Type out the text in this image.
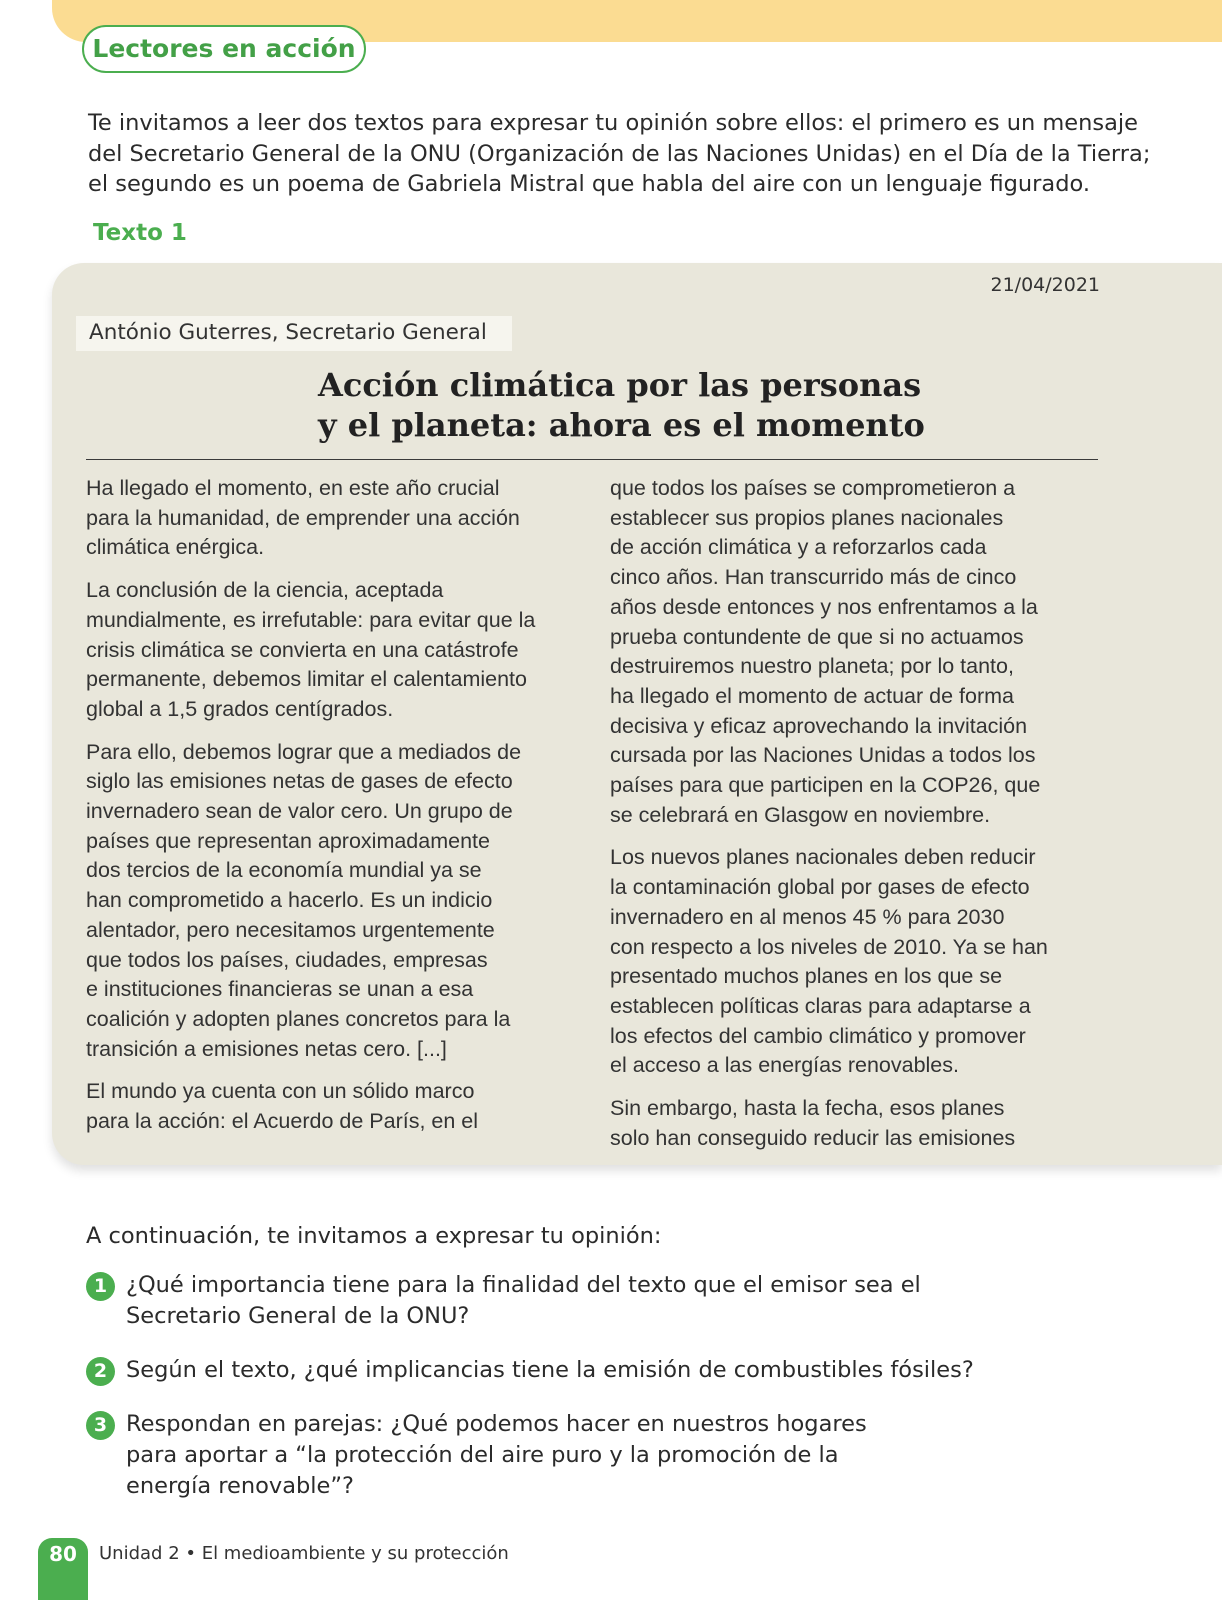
Lectores en acción

Te invitamos a leer dos textos para expresar tu opinión sobre ellos: el primero es un mensaje
del Secretario General de la ONU (Organización de las Naciones Unidas) en el Día de la Tierra;
el segundo es un poema de Gabriela Mistral que habla del aire con un lenguaje figurado.

Texto 1
21/04/2021
António Guterres, Secretario General
Acción climática por las personas
y el planeta: ahora es el momento

Ha llegado el momento, en este año crucial
para la humanidad, de emprender una acción
climática enérgica.

La conclusión de la ciencia, aceptada
mundialmente, es irrefutable: para evitar que la
crisis climática se convierta en una catástrofe
permanente, debemos limitar el calentamiento
global a 1,5 grados centígrados.

Para ello, debemos lograr que a mediados de
siglo las emisiones netas de gases de efecto
invernadero sean de valor cero. Un grupo de
países que representan aproximadamente
dos tercios de la economía mundial ya se
han comprometido a hacerlo. Es un indicio
alentador, pero necesitamos urgentemente
que todos los países, ciudades, empresas
e instituciones financieras se unan a esa
coalición y adopten planes concretos para la
transición a emisiones netas cero. [...]

El mundo ya cuenta con un sólido marco
para la acción: el Acuerdo de París, en el

que todos los países se comprometieron a
establecer sus propios planes nacionales
de acción climática y a reforzarlos cada
cinco años. Han transcurrido más de cinco
años desde entonces y nos enfrentamos a la
prueba contundente de que si no actuamos
destruiremos nuestro planeta; por lo tanto,
ha llegado el momento de actuar de forma
decisiva y eficaz aprovechando la invitación
cursada por las Naciones Unidas a todos los
países para que participen en la COP26, que
se celebrará en Glasgow en noviembre.

Los nuevos planes nacionales deben reducir
la contaminación global por gases de efecto
invernadero en al menos 45 % para 2030
con respecto a los niveles de 2010. Ya se han
presentado muchos planes en los que se
establecen políticas claras para adaptarse a
los efectos del cambio climático y promover
el acceso a las energías renovables.

Sin embargo, hasta la fecha, esos planes
solo han conseguido reducir las emisiones

A continuación, te invitamos a expresar tu opinión:

1 ¿Qué importancia tiene para la finalidad del texto que el emisor sea el
Secretario General de la ONU?
2 Según el texto, ¿qué implicancias tiene la emisión de combustibles fósiles?
3 Respondan en parejas: ¿Qué podemos hacer en nuestros hogares
para aportar a “la protección del aire puro y la promoción de la
energía renovable”?
80	Unidad 2 • El medioambiente y su protección
